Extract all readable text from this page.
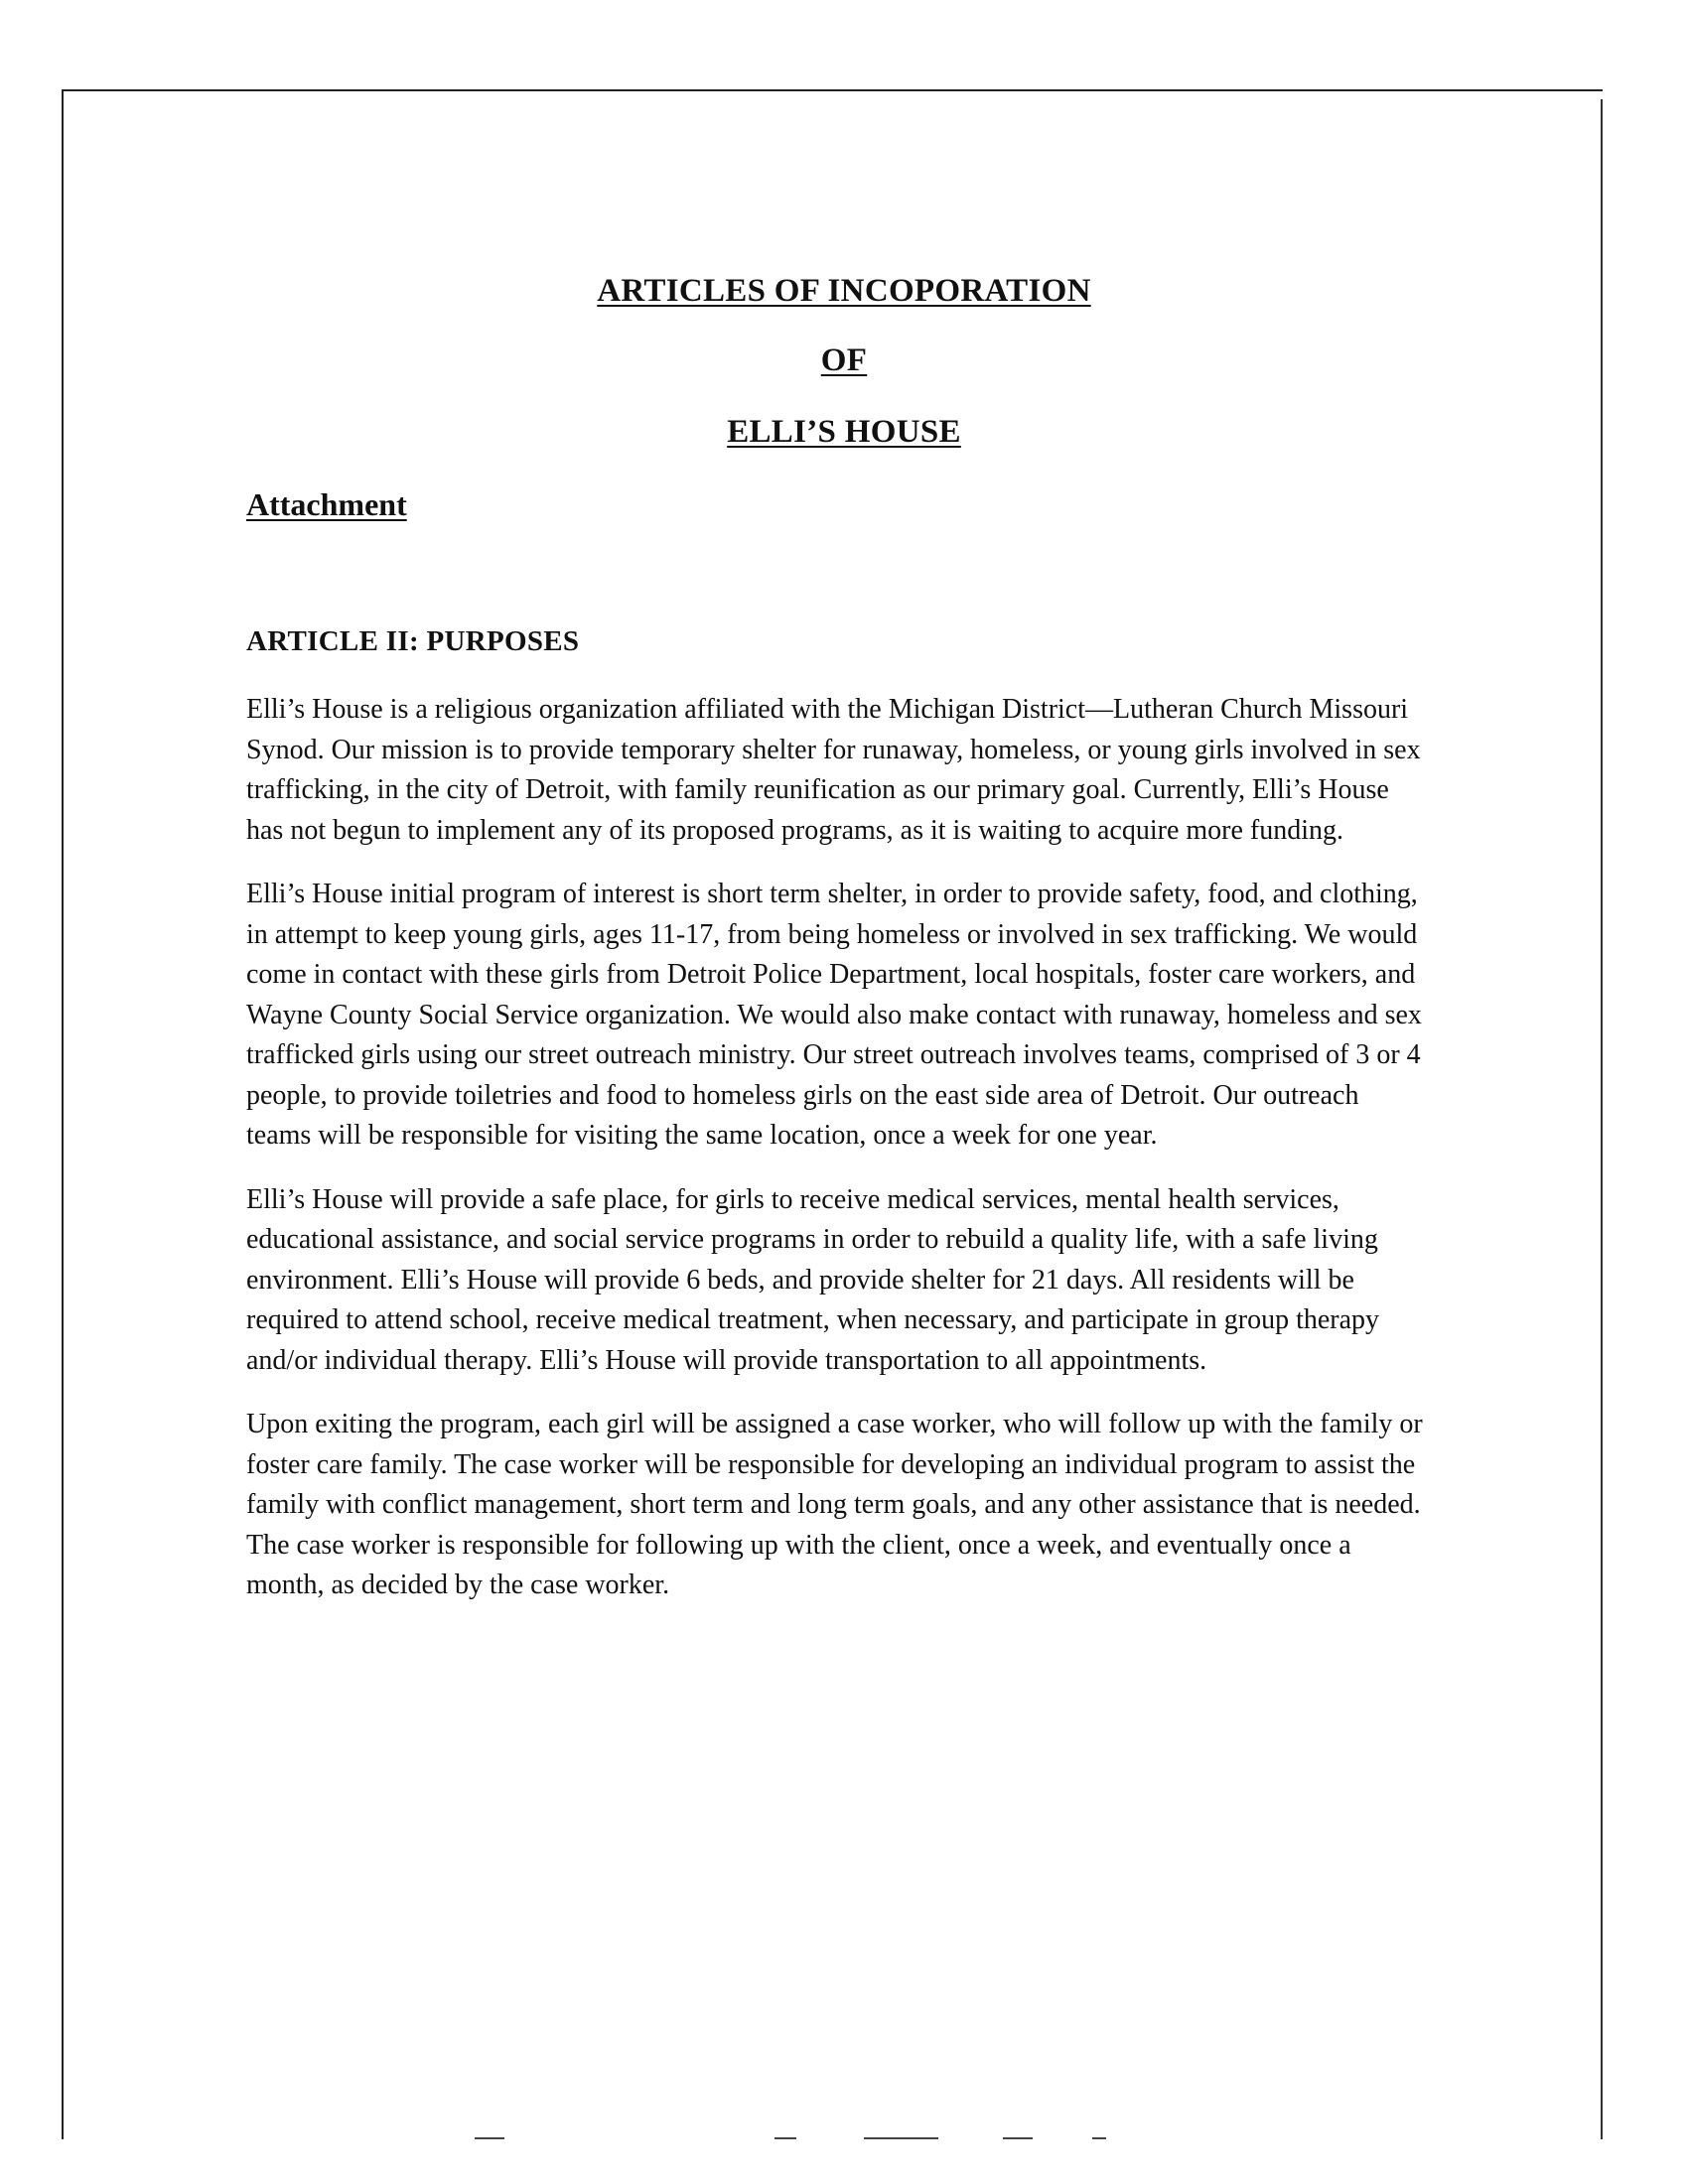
ARTICLES OF INCOPORATION
OF
ELLI’S HOUSE
Attachment
ARTICLE II: PURPOSES

Elli’s House is a religious organization affiliated with the Michigan District—Lutheran Church Missouri Synod. Our mission is to provide temporary shelter for runaway, homeless, or young girls involved in sex trafficking, in the city of Detroit, with family reunification as our primary goal. Currently, Elli’s House has not begun to implement any of its proposed programs, as it is waiting to acquire more funding.

Elli’s House initial program of interest is short term shelter, in order to provide safety, food, and clothing, in attempt to keep young girls, ages 11-17, from being homeless or involved in sex trafficking. We would come in contact with these girls from Detroit Police Department, local hospitals, foster care workers, and Wayne County Social Service organization. We would also make contact with runaway, homeless and sex trafficked girls using our street outreach ministry. Our street outreach involves teams, comprised of 3 or 4 people, to provide toiletries and food to homeless girls on the east side area of Detroit. Our outreach teams will be responsible for visiting the same location, once a week for one year.

Elli’s House will provide a safe place, for girls to receive medical services, mental health services, educational assistance, and social service programs in order to rebuild a quality life, with a safe living environment. Elli’s House will provide 6 beds, and provide shelter for 21 days. All residents will be required to attend school, receive medical treatment, when necessary, and participate in group therapy and/or individual therapy. Elli’s House will provide transportation to all appointments.

Upon exiting the program, each girl will be assigned a case worker, who will follow up with the family or foster care family. The case worker will be responsible for developing an individual program to assist the family with conflict management, short term and long term goals, and any other assistance that is needed. The case worker is responsible for following up with the client, once a week, and eventually once a month, as decided by the case worker.
